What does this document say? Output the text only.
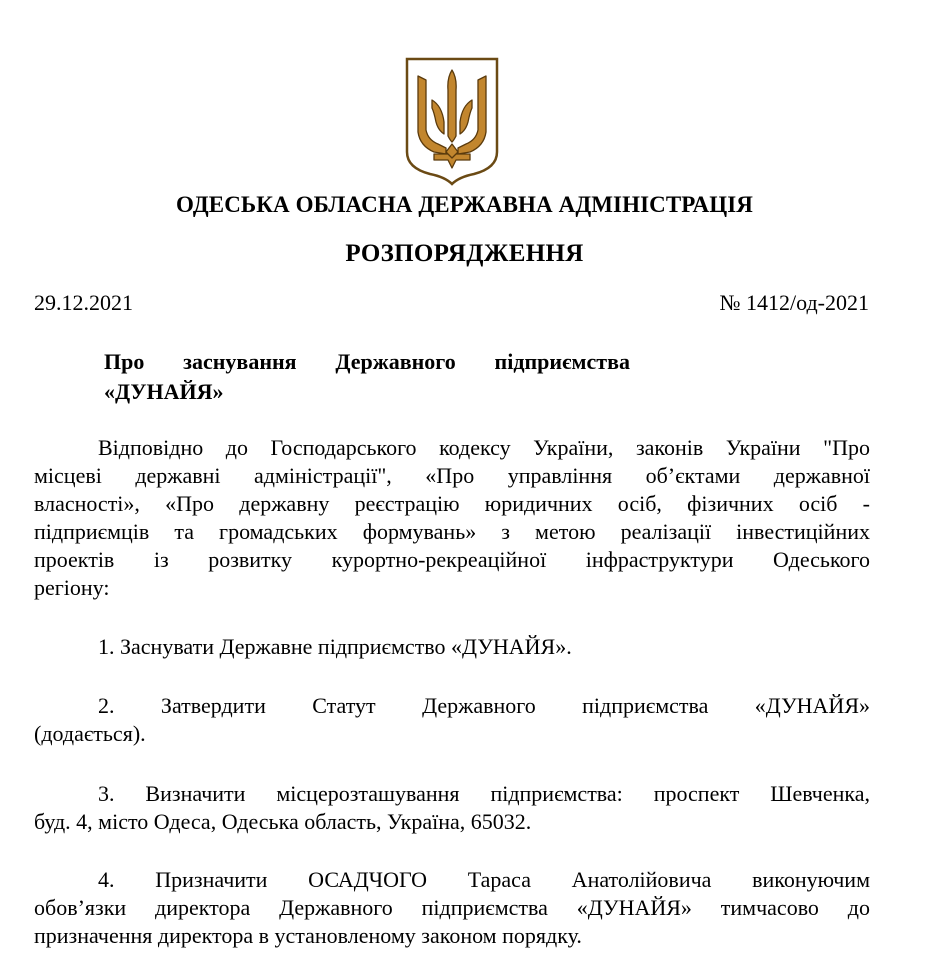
ОДЕСЬКА ОБЛАСНА ДЕРЖАВНА АДМІНІСТРАЦІЯ
РОЗПОРЯДЖЕННЯ
29.12.2021	№ 1412/од-2021
Про заснування Державного підприємства
«ДУНАЙЯ»
Відповідно до Господарського кодексу України, законів України "Про
місцеві державні адміністрації", «Про управління об’єктами державної
власності», «Про державну реєстрацію юридичних осіб, фізичних осіб -
підприємців та громадських формувань» з метою реалізації інвестиційних
проектів із розвитку курортно-рекреаційної інфраструктури Одеського
регіону:
1. Заснувати Державне підприємство «ДУНАЙЯ».
2. Затвердити Статут Державного підприємства «ДУНАЙЯ»
(додається).
3. Визначити місцерозташування підприємства: проспект Шевченка,
буд. 4, місто Одеса, Одеська область, Україна, 65032.
4. Призначити ОСАДЧОГО Тараса Анатолійовича виконуючим
обов’язки директора Державного підприємства «ДУНАЙЯ» тимчасово до
призначення директора в установленому законом порядку.
